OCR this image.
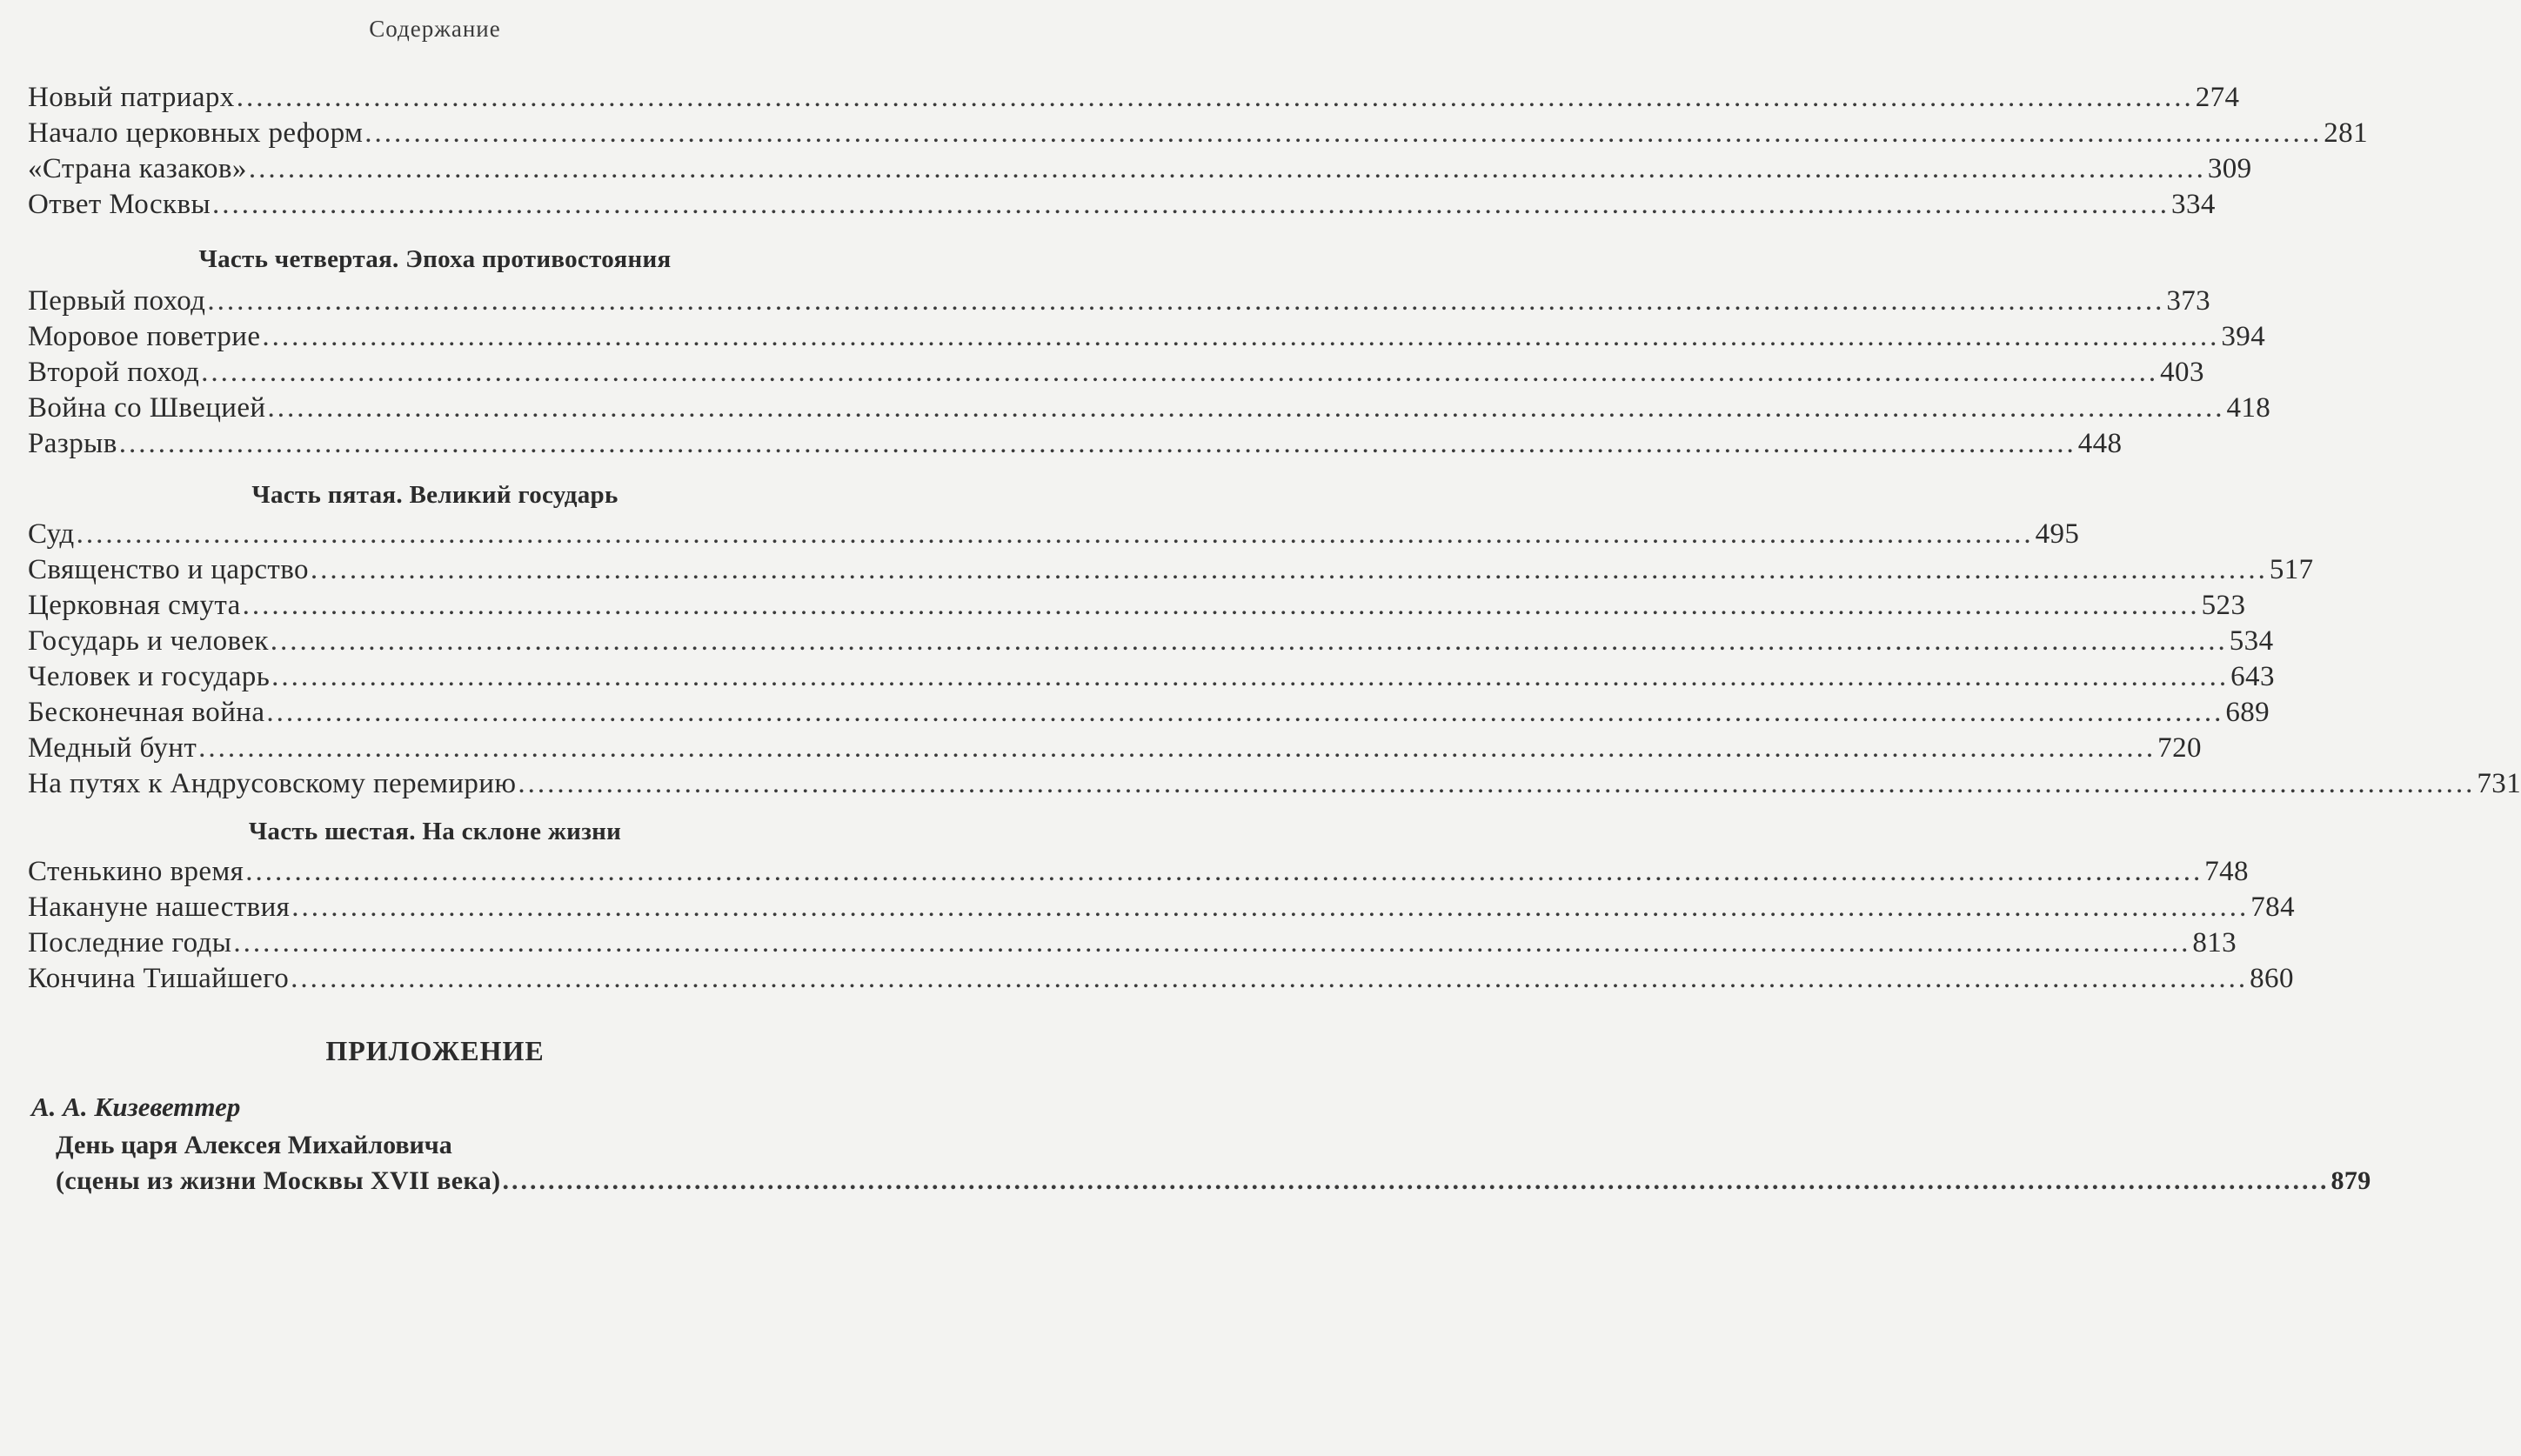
Содержание
Новый патриарх ........................................................................................................................................................................................................ 274
Начало церковных реформ ........................................................................................................................................................................................................ 281
«Страна казаков» ........................................................................................................................................................................................................ 309
Ответ Москвы ........................................................................................................................................................................................................ 334
Часть четвертая. Эпоха противостояния
Первый поход ........................................................................................................................................................................................................ 373
Моровое поветрие ........................................................................................................................................................................................................ 394
Второй поход ........................................................................................................................................................................................................ 403
Война со Швецией ........................................................................................................................................................................................................ 418
Разрыв ........................................................................................................................................................................................................ 448
Часть пятая. Великий государь
Суд ........................................................................................................................................................................................................ 495
Священство и царство ........................................................................................................................................................................................................ 517
Церковная смута ........................................................................................................................................................................................................ 523
Государь и человек ........................................................................................................................................................................................................ 534
Человек и государь ........................................................................................................................................................................................................ 643
Бесконечная война ........................................................................................................................................................................................................ 689
Медный бунт ........................................................................................................................................................................................................ 720
На путях к Андрусовскому перемирию ........................................................................................................................................................................................................ 731
Часть шестая. На склоне жизни
Стенькино время ........................................................................................................................................................................................................ 748
Накануне нашествия ........................................................................................................................................................................................................ 784
Последние годы ........................................................................................................................................................................................................ 813
Кончина Тишайшего ........................................................................................................................................................................................................ 860
ПРИЛОЖЕНИЕ
А. А. Кизеветтер
День царя Алексея Михайловича
(сцены из жизни Москвы XVII века) ........................................................................................................................................................................................................ 879
